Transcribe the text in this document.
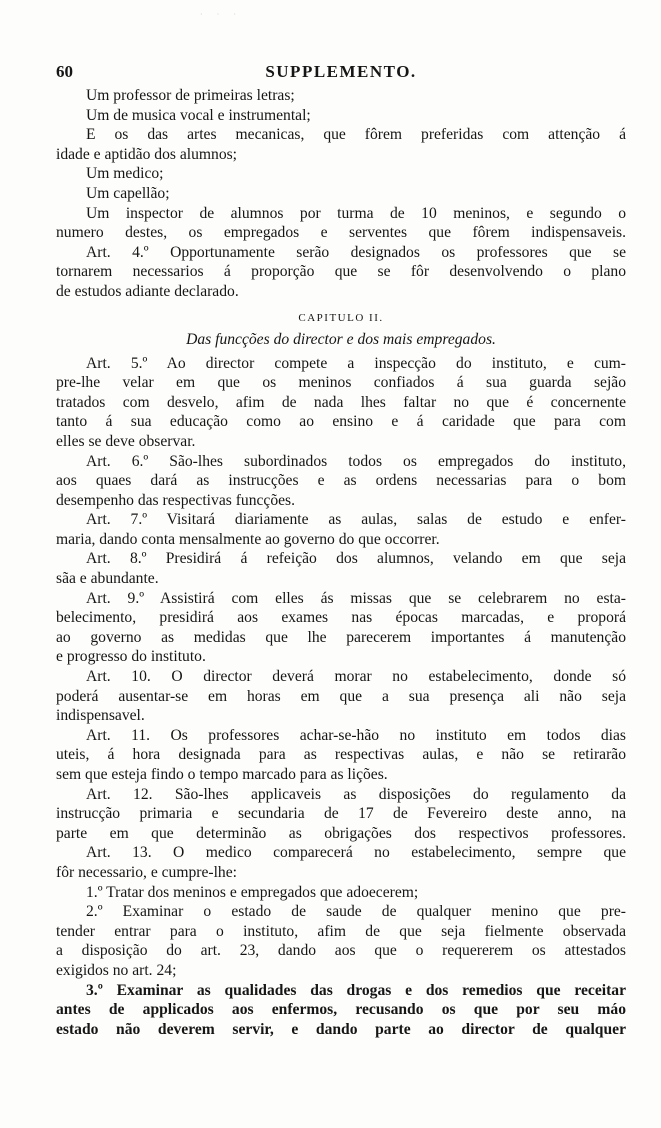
· · ·
60	SUPPLEMENTO.
Um professor de primeiras letras;
Um de musica vocal e instrumental;
E os das artes mecanicas, que fôrem preferidas com attenção á
idade e aptidão dos alumnos;
Um medico;
Um capellão;
Um inspector de alumnos por turma de 10 meninos, e segundo o
numero destes, os empregados e serventes que fôrem indispensaveis.
Art. 4.º Opportunamente serão designados os professores que se
tornarem necessarios á proporção que se fôr desenvolvendo o plano
de estudos adiante declarado.
CAPITULO II.
Das funcções do director e dos mais empregados.
Art. 5.º Ao director compete a inspecção do instituto, e cum-
pre-lhe velar em que os meninos confiados á sua guarda sejão
tratados com desvelo, afim de nada lhes faltar no que é concernente
tanto á sua educação como ao ensino e á caridade que para com
elles se deve observar.
Art. 6.º São-lhes subordinados todos os empregados do instituto,
aos quaes dará as instrucções e as ordens necessarias para o bom
desempenho das respectivas funcções.
Art. 7.º Visitará diariamente as aulas, salas de estudo e enfer-
maria, dando conta mensalmente ao governo do que occorrer.
Art. 8.º Presidirá á refeição dos alumnos, velando em que seja
sãa e abundante.
Art. 9.º Assistirá com elles ás missas que se celebrarem no esta-
belecimento, presidirá aos exames nas épocas marcadas, e proporá
ao governo as medidas que lhe parecerem importantes á manutenção
e progresso do instituto.
Art. 10. O director deverá morar no estabelecimento, donde só
poderá ausentar-se em horas em que a sua presença ali não seja
indispensavel.
Art. 11. Os professores achar-se-hão no instituto em todos dias
uteis, á hora designada para as respectivas aulas, e não se retirarão
sem que esteja findo o tempo marcado para as lições.
Art. 12. São-lhes applicaveis as disposições do regulamento da
instrucção primaria e secundaria de 17 de Fevereiro deste anno, na
parte em que determinão as obrigações dos respectivos professores.
Art. 13. O medico comparecerá no estabelecimento, sempre que
fôr necessario, e cumpre-lhe:
1.º Tratar dos meninos e empregados que adoecerem;
2.º Examinar o estado de saude de qualquer menino que pre-
tender entrar para o instituto, afim de que seja fielmente observada
a disposição do art. 23, dando aos que o requererem os attestados
exigidos no art. 24;
3.º Examinar as qualidades das drogas e dos remedios que receitar
antes de applicados aos enfermos, recusando os que por seu máo
estado não deverem servir, e dando parte ao director de qualquer
